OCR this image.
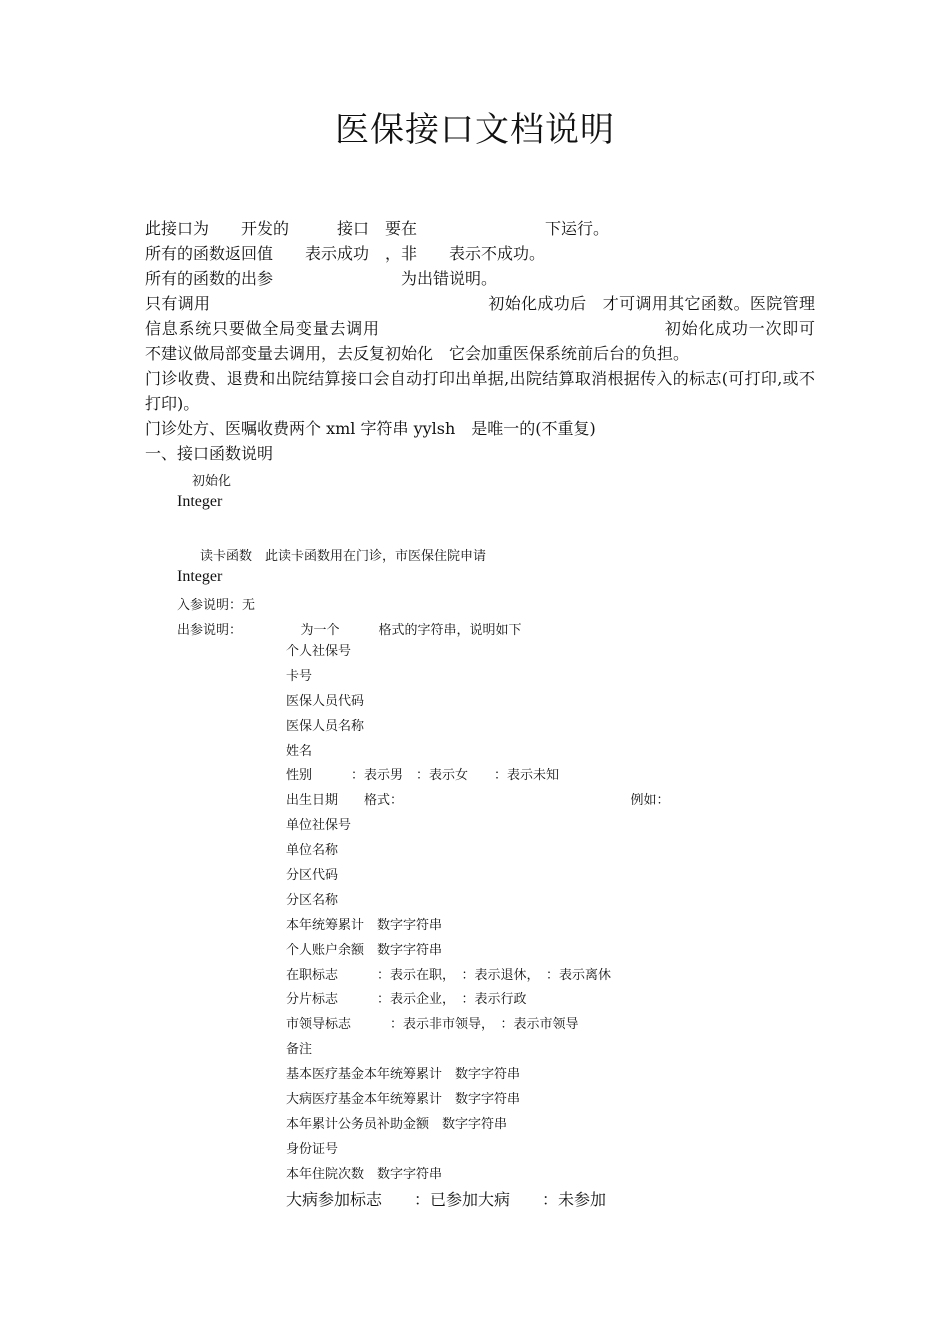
医保接口文档说明

此接口为　　开发的　　　接口　要在　　　　　　　　下运行。

所有的函数返回值　　表示成功　，非　　表示不成功。

所有的函数的出参　　　　　　　　为出错说明。

只有调用　　　　　　　　　　　　　　　　　初始化成功后　才可调用其它函数。医院管理信息系统只要做全局变量去调用　　　　　　　　　　　　　　　　　初始化成功一次即可　不建议做局部变量去调用，去反复初始化　它会加重医保系统前后台的负担。

门诊收费、退费和出院结算接口会自动打印出单据,出院结算取消根据传入的标志(可打印,或不打印)。

门诊处方、医嘱收费两个 xml 字符串 yylsh　是唯一的(不重复)

一、接口函数说明

初始化
Integer
读卡函数　此读卡函数用在门诊，市医保住院申请
Integer
入参说明：无
出参说明：　　　　　为一个　　　格式的字符串，说明如下
个人社保号
卡号
医保人员代码
医保人员名称
姓名
性别　　　：表示男　：表示女　　：表示未知
出生日期　　格式：　　　　　　　　　　　　　　　　　　例如：
单位社保号
单位名称
分区代码
分区名称
本年统筹累计　数字字符串
个人账户余额　数字字符串
在职标志　　　：表示在职，　：表示退休，　：表示离休
分片标志　　　：表示企业，　：表示行政
市领导标志　　　：表示非市领导，　：表示市领导
备注
基本医疗基金本年统筹累计　数字字符串
大病医疗基金本年统筹累计　数字字符串
本年累计公务员补助金额　数字字符串
身份证号
本年住院次数　数字字符串
大病参加标志　　：已参加大病　　：未参加
